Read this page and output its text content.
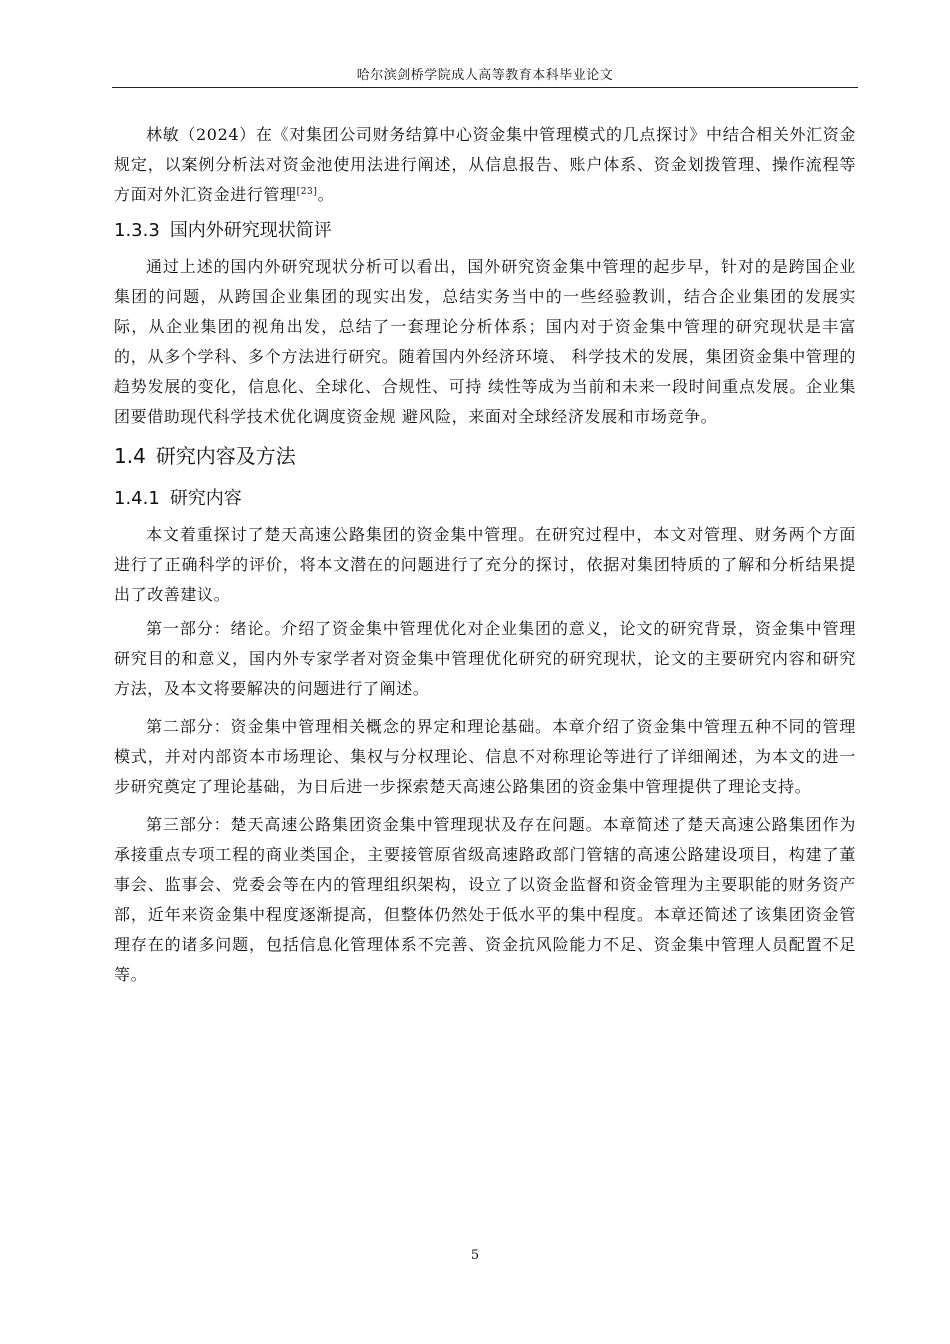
哈尔滨剑桥学院成人高等教育本科毕业论文

林敏（2024）在《对集团公司财务结算中心资金集中管理模式的几点探讨》中结合相关外汇资金规定，以案例分析法对资金池使用法进行阐述，从信息报告、账户体系、资金划拨管理、操作流程等方面对外汇资金进行管理[23]。

1.3.3 国内外研究现状简评

通过上述的国内外研究现状分析可以看出，国外研究资金集中管理的起步早，针对的是跨国企业集团的问题，从跨国企业集团的现实出发，总结实务当中的一些经验教训，结合企业集团的发展实际，从企业集团的视角出发，总结了一套理论分析体系；国内对于资金集中管理的研究现状是丰富的，从多个学科、多个方法进行研究。随着国内外经济环境、 科学技术的发展，集团资金集中管理的趋势发展的变化，信息化、全球化、合规性、可持 续性等成为当前和未来一段时间重点发展。企业集团要借助现代科学技术优化调度资金规 避风险，来面对全球经济发展和市场竞争。

1.4 研究内容及方法
1.4.1 研究内容

本文着重探讨了楚天高速公路集团的资金集中管理。在研究过程中，本文对管理、财务两个方面进行了正确科学的评价，将本文潜在的问题进行了充分的探讨，依据对集团特质的了解和分析结果提出了改善建议。

第一部分：绪论。介绍了资金集中管理优化对企业集团的意义，论文的研究背景，资金集中管理研究目的和意义，国内外专家学者对资金集中管理优化研究的研究现状，论文的主要研究内容和研究方法，及本文将要解决的问题进行了阐述。

第二部分：资金集中管理相关概念的界定和理论基础。本章介绍了资金集中管理五种不同的管理模式，并对内部资本市场理论、集权与分权理论、信息不对称理论等进行了详细阐述，为本文的进一步研究奠定了理论基础，为日后进一步探索楚天高速公路集团的资金集中管理提供了理论支持。

第三部分：楚天高速公路集团资金集中管理现状及存在问题。本章简述了楚天高速公路集团作为承接重点专项工程的商业类国企，主要接管原省级高速路政部门管辖的高速公路建设项目，构建了董事会、监事会、党委会等在内的管理组织架构，设立了以资金监督和资金管理为主要职能的财务资产部，近年来资金集中程度逐渐提高，但整体仍然处于低水平的集中程度。本章还简述了该集团资金管理存在的诸多问题，包括信息化管理体系不完善、资金抗风险能力不足、资金集中管理人员配置不足等。

5
